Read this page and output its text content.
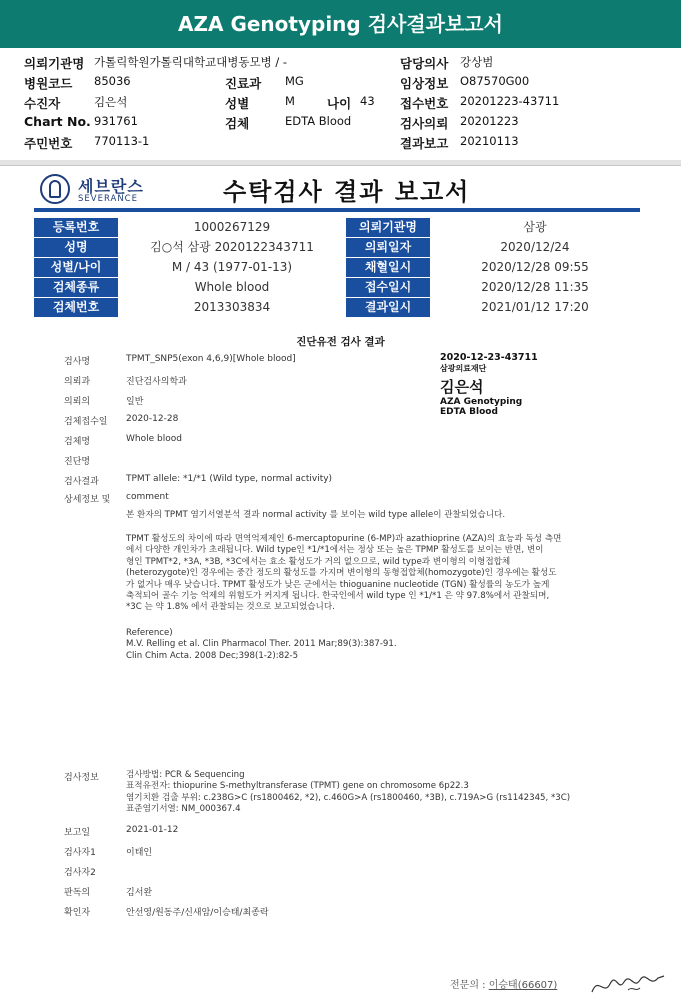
AZA Genotyping 검사결과보고서
의뢰기관명 가톨릭학원가톨릭대학교대병동모병 / -	담당의사 강상범
병원코드 85036	진료과 MG	임상정보 O87570G00
수진자	김은석	성별	M	나이 43 접수번호 20201223-43711
Chart No. 931761	검체	EDTA Blood	검사의뢰 20201223
주민번호 770113-1	결과보고 20210113
세브란스
SEVERANCE	수탁검사 결과 보고서
등록번호	1000267129	의뢰기관명	삼광
성명	김○석 삼광 2020122343711	의뢰일자	2020/12/24
성별/나이	M / 43 (1977-01-13)	채혈일시	2020/12/28 09:55
검체종류	Whole blood	접수일시	2020/12/28 11:35
검체번호	2013303834	결과일시	2021/01/12 17:20
진단유전 검사 결과
검사명	TPMT_SNP5(exon 4,6,9)[Whole blood]
의뢰과	진단검사의학과
의뢰의	일반
검체접수일 2020-12-28
검체명	Whole blood
진단명
검사결과	TPMT allele: *1/*1 (Wild type, normal activity)
상세정보 및 comment
2020-12-23-43711
삼광의료재단
김은석
AZA Genotyping
EDTA Blood
본 환자의 TPMT 염기서열분석 결과 normal activity 를 보이는 wild type allele이 관찰되었습니다.
TPMT 활성도의 차이에 따라 면역억제제인 6-mercaptopurine (6-MP)과 azathioprine (AZA)의 효능과 독성 측면
에서 다양한 개인차가 초래됩니다. Wild type인 *1/*1에서는 정상 또는 높은 TPMP 활성도를 보이는 반면, 변이
형인 TPMT*2, *3A, *3B, *3C에서는 효소 활성도가 거의 없으므로, wild type과 변이형의 이형접합체
(heterozygote)인 경우에는 중간 정도의 활성도를 가지며 변이형의 동형접합체(homozygote)인 경우에는 활성도
가 없거나 매우 낮습니다. TPMT 활성도가 낮은 군에서는 thioguanine nucleotide (TGN) 활성률의 농도가 높게
축적되어 골수 기능 억제의 위험도가 커지게 됩니다. 한국인에서 wild type 인 *1/*1 은 약 97.8%에서 관찰되며,
*3C 는 약 1.8% 에서 관찰되는 것으로 보고되었습니다.
Reference)
M.V. Relling et al. Clin Pharmacol Ther. 2011 Mar;89(3):387-91.
Clin Chim Acta. 2008 Dec;398(1-2):82-5
검사정보	검사방법: PCR & Sequencing
표적유전자: thiopurine S-methyltransferase (TPMT) gene on chromosome 6p22.3
염기치환 검출 부위: c.238G>C (rs1800462, *2), c.460G>A (rs1800460, *3B), c.719A>G (rs1142345, *3C)
표준염기서열: NM_000367.4
보고일	2021-01-12
검사자1	이태인
검사자2
판독의	김서완
확인자	안선영/원동주/신새암/이승태/최종락
전문의 : 이승태(66607)
